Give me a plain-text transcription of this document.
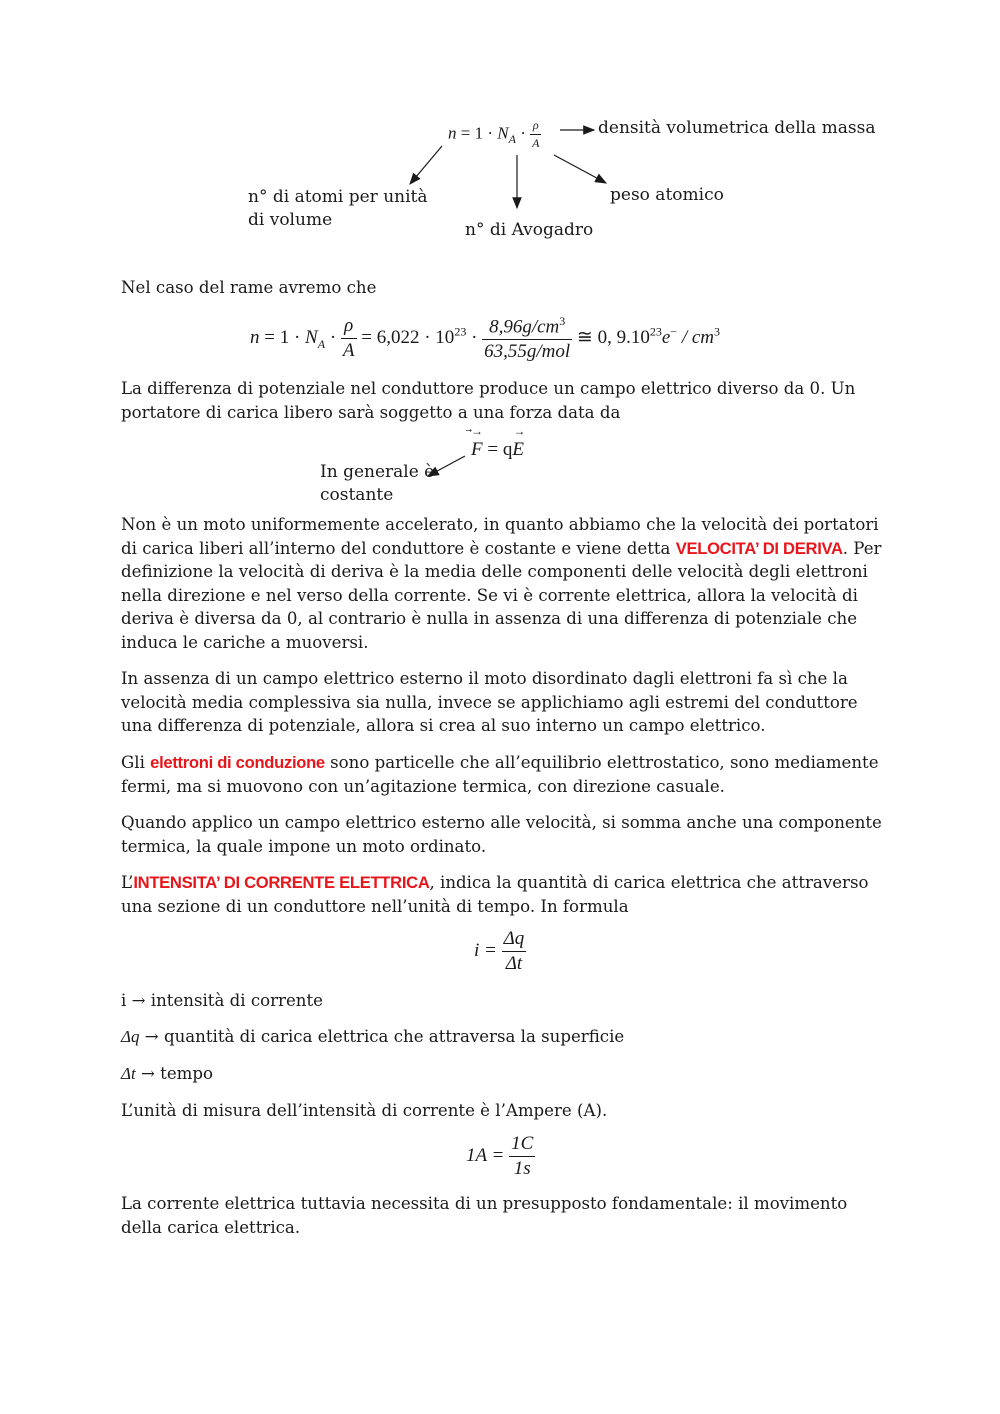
$n = 1 \cdot N_A \cdot \frac{\rho}{A}$	densità volumetrica della massa
n° di atomi per unità
di volume	n° di Avogadro
peso atomico
Nel caso del rame avremo che
$n = 1 \cdot N_A \cdot \frac{\rho}{A} = 6,022 \cdot 10^{23} \cdot \frac{8,96g/cm^3}{\text{63,55g/mol}}$ ≅ 0, $9.10^{23}e^- / cm^3$
La differenza di potenziale nel conduttore produce un campo elettrico diverso da 0. Un portatore di carica libero sarà soggetto a una forza data da
F
→
= qE
→
In generale è
costante
Non è un moto uniformemente accelerato, in quanto abbiamo che la velocità dei portatori di carica liberi all’interno del conduttore è costante e viene detta VELOCITA’ DI DERIVA. Per definizione la velocità di deriva è la media delle componenti delle velocità degli elettroni nella direzione e nel verso della corrente. Se vi è corrente elettrica, allora la velocità di deriva è diversa da 0, al contrario è nulla in assenza di una differenza di potenziale che induca le cariche a muoversi.
In assenza di un campo elettrico esterno il moto disordinato dagli elettroni fa sì che la velocità media complessiva sia nulla, invece se applichiamo agli estremi del conduttore una differenza di potenziale, allora si crea al suo interno un campo elettrico.
Gli elettroni di conduzione sono particelle che all’equilibrio elettrostatico, sono mediamente fermi, ma si muovono con un’agitazione termica, con direzione casuale.
Quando applico un campo elettrico esterno alle velocità, si somma anche una componente termica, la quale impone un moto ordinato.
L’INTENSITA’ DI CORRENTE ELETTRICA, indica la quantità di carica elettrica che attraverso una sezione di un conduttore nell’unità di tempo. In formula
$i = \frac{\Delta q}{\Delta t}$
i → intensità di corrente
Δq → quantità di carica elettrica che attraversa la superficie
Δt → tempo
L’unità di misura dell’intensità di corrente è l’Ampere (A).
$1A = \frac{1C}{1s}$
La corrente elettrica tuttavia necessita di un presupposto fondamentale: il movimento della carica elettrica.
